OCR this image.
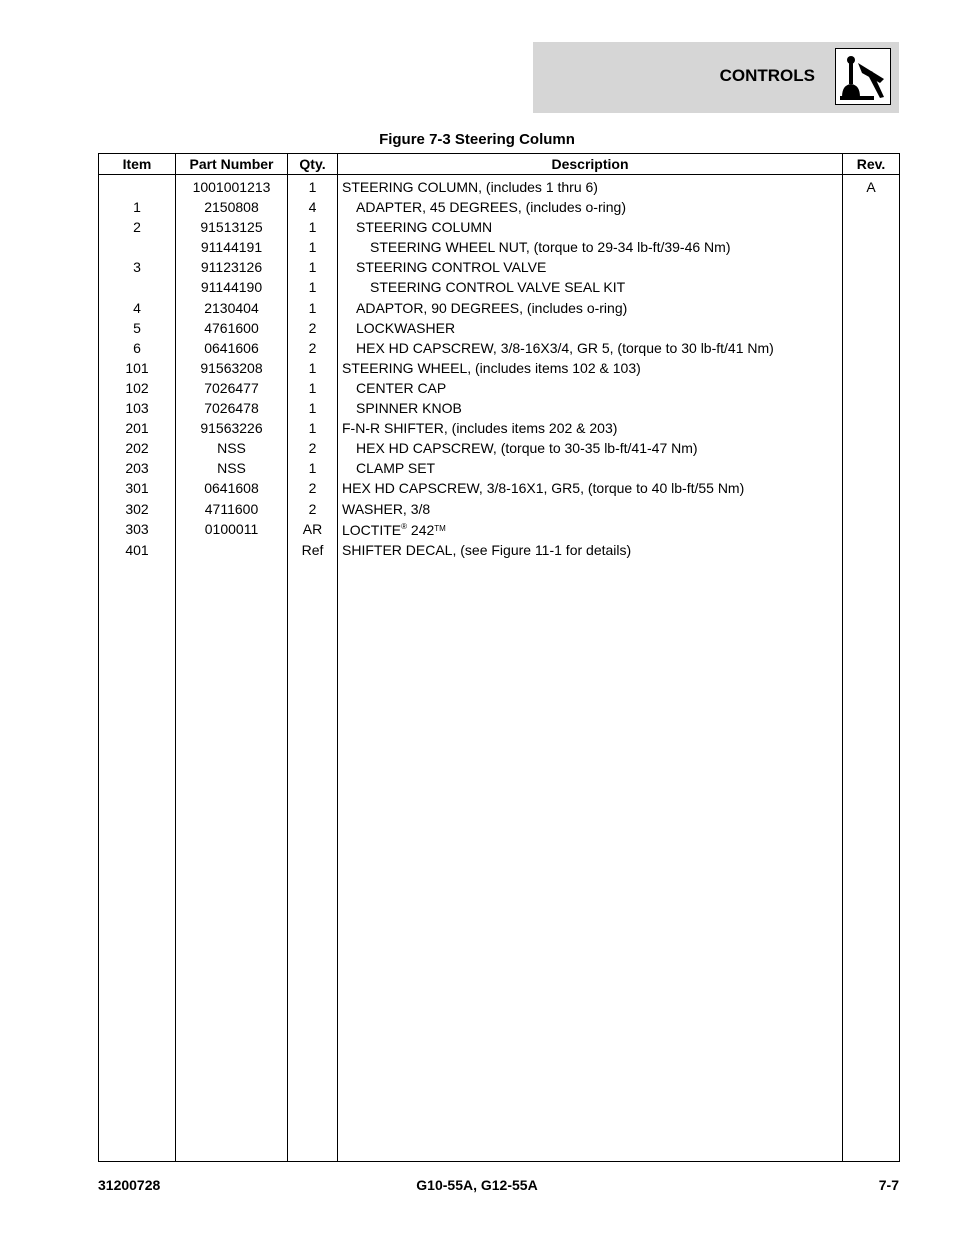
CONTROLS
Figure 7-3 Steering Column
Item	Part Number	Qty.	Description	Rev.
	1001001213	1	STEERING COLUMN, (includes 1 thru 6)	A
1	2150808	4	ADAPTER, 45 DEGREES, (includes o-ring)	
2	91513125	1	STEERING COLUMN	
	91144191	1	STEERING WHEEL NUT, (torque to 29-34 lb-ft/39-46 Nm)	
3	91123126	1	STEERING CONTROL VALVE	
	91144190	1	STEERING CONTROL VALVE SEAL KIT	
4	2130404	1	ADAPTOR, 90 DEGREES, (includes o-ring)	
5	4761600	2	LOCKWASHER	
6	0641606	2	HEX HD CAPSCREW, 3/8-16X3/4, GR 5, (torque to 30 lb-ft/41 Nm)	
101	91563208	1	STEERING WHEEL, (includes items 102 & 103)	
102	7026477	1	CENTER CAP	
103	7026478	1	SPINNER KNOB	
201	91563226	1	F-N-R SHIFTER, (includes items 202 & 203)	
202	NSS	2	HEX HD CAPSCREW, (torque to 30-35 lb-ft/41-47 Nm)	
203	NSS	1	CLAMP SET	
301	0641608	2	HEX HD CAPSCREW, 3/8-16X1, GR5, (torque to 40 lb-ft/55 Nm)	
302	4711600	2	WASHER, 3/8	
303	0100011	AR	LOCTITE® 242™	
401		Ref	SHIFTER DECAL, (see Figure 11-1 for details)	

31200728	G10-55A, G12-55A	7-7
